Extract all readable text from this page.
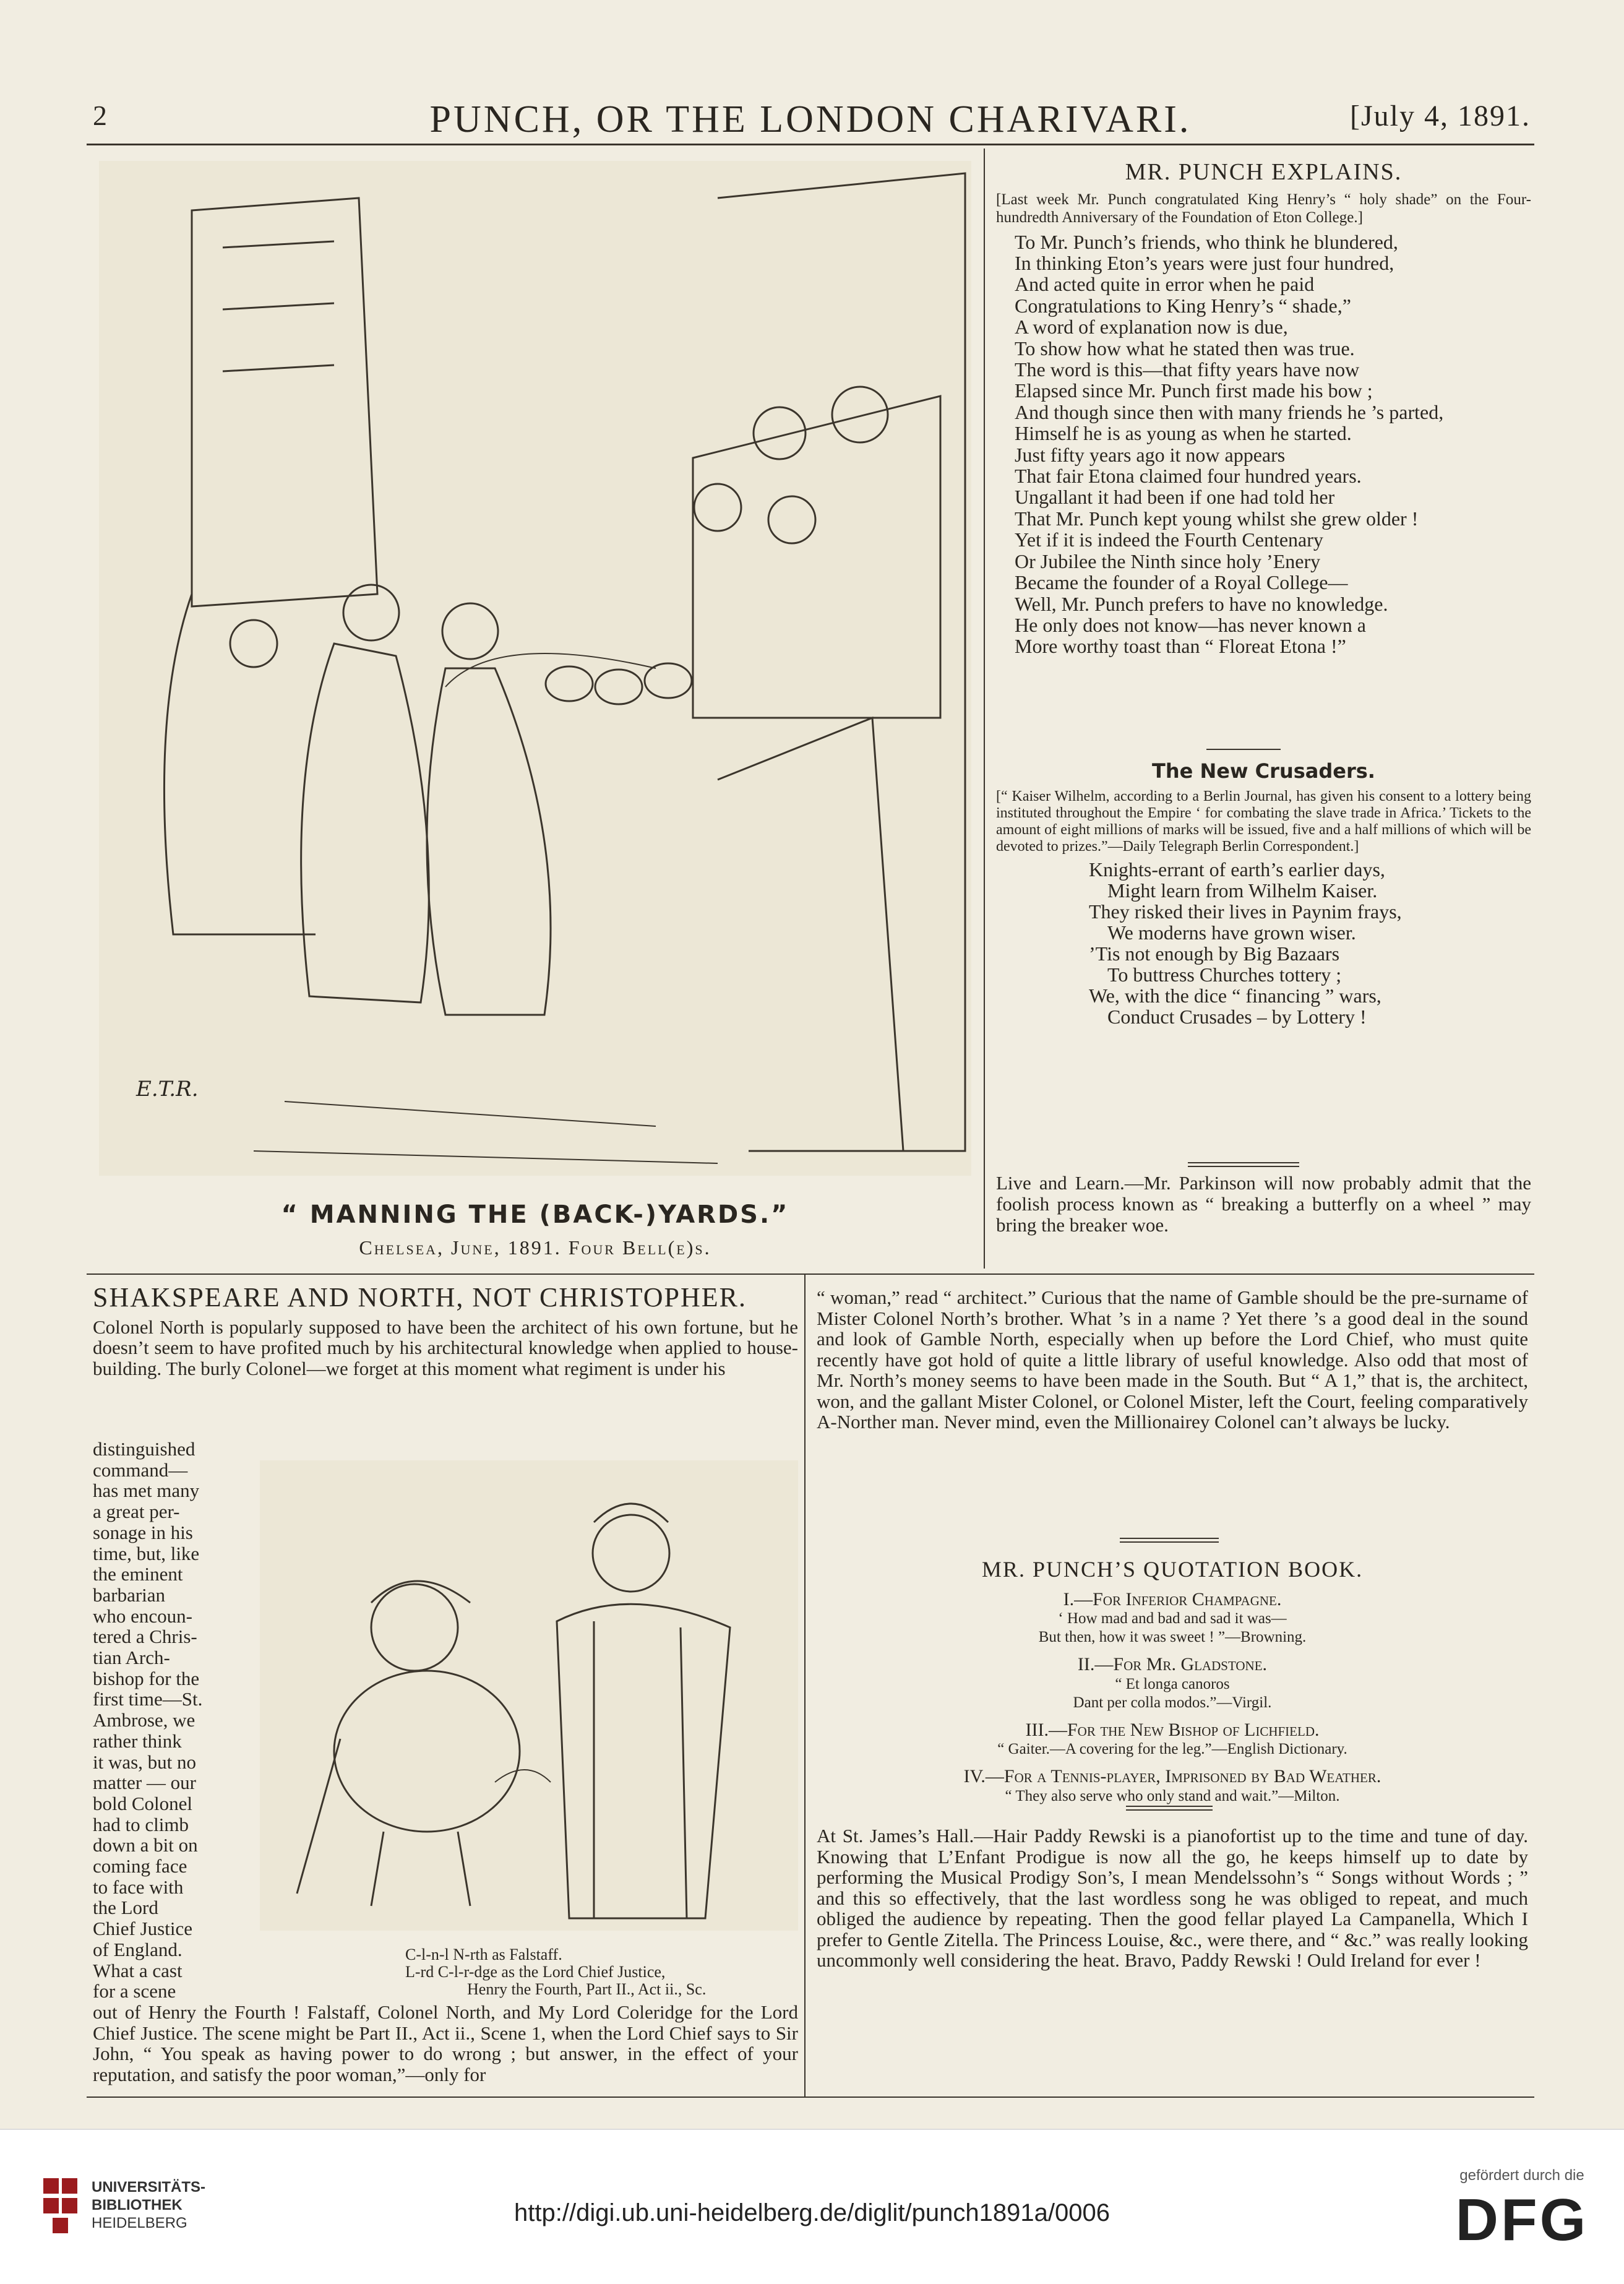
2	PUNCH, OR THE LONDON CHARIVARI.	[July 4, 1891.
E.T.R.
“ MANNING THE (BACK-)YARDS.”
Chelsea, June, 1891. Four Bell(e)s.
MR. PUNCH EXPLAINS.
[Last week Mr. Punch congratulated King Henry’s “ holy shade” on the Four-hundredth Anniversary of the Foundation of Eton College.]
To Mr. Punch’s friends, who think he blundered,
In thinking Eton’s years were just four hundred,
And acted quite in error when he paid
Congratulations to King Henry’s “ shade,”
A word of explanation now is due,
To show how what he stated then was true.
The word is this—that fifty years have now
Elapsed since Mr. Punch first made his bow ;
And though since then with many friends he ’s parted,
Himself he is as young as when he started.
Just fifty years ago it now appears
That fair Etona claimed four hundred years.
Ungallant it had been if one had told her
That Mr. Punch kept young whilst she grew older !
Yet if it is indeed the Fourth Centenary
Or Jubilee the Ninth since holy ’Enery
Became the founder of a Royal College—
Well, Mr. Punch prefers to have no knowledge.
He only does not know—has never known a
More worthy toast than “ Floreat Etona !”
The New Crusaders.
[“ Kaiser Wilhelm, according to a Berlin Journal, has given his consent to a lottery being instituted throughout the Empire ‘ for combating the slave trade in Africa.’ Tickets to the amount of eight millions of marks will be issued, five and a half millions of which will be devoted to prizes.”—Daily Telegraph Berlin Correspondent.]
Knights-errant of earth’s earlier days,
Might learn from Wilhelm Kaiser.
They risked their lives in Paynim frays,
We moderns have grown wiser.
’Tis not enough by Big Bazaars
To buttress Churches tottery ;
We, with the dice “ financing ” wars,
Conduct Crusades – by Lottery !
Live and Learn.—Mr. Parkinson will now probably admit that the foolish process known as “ breaking a butterfly on a wheel ” may bring the breaker woe.
SHAKSPEARE AND NORTH, NOT CHRISTOPHER.
Colonel North is popularly supposed to have been the architect of his own fortune, but he doesn’t seem to have profited much by his architectural knowledge when applied to house-building. The burly Colonel—we forget at this moment what regiment is under his
distinguished
command—
has met many
a great per-
sonage in his
time, but, like
the eminent
barbarian
who encoun-
tered a Chris-
tian Arch-
bishop for the
first time—St.
Ambrose, we
rather think
it was, but no
matter — our
bold Colonel
had to climb
down a bit on
coming face
to face with
the Lord
Chief Justice
of England.
What a cast
for a scene
C-l-n-l N-rth as Falstaff.
L-rd C-l-r-dge as the Lord Chief Justice,
Henry the Fourth, Part II., Act ii., Sc.
out of Henry the Fourth ! Falstaff, Colonel North, and My Lord Coleridge for the Lord Chief Justice. The scene might be Part II., Act ii., Scene 1, when the Lord Chief says to Sir John, “ You speak as having power to do wrong ; but answer, in the effect of your reputation, and satisfy the poor woman,”—only for
“ woman,” read “ architect.” Curious that the name of Gamble should be the pre-surname of Mister Colonel North’s brother. What ’s in a name ? Yet there ’s a good deal in the sound and look of Gamble North, especially when up before the Lord Chief, who must quite recently have got hold of quite a little library of useful knowledge. Also odd that most of Mr. North’s money seems to have been made in the South. But “ A 1,” that is, the architect, won, and the gallant Mister Colonel, or Colonel Mister, left the Court, feeling comparatively A-Norther man. Never mind, even the Millionairey Colonel can’t always be lucky.
MR. PUNCH’S QUOTATION BOOK.
I.—For Inferior Champagne.
‘ How mad and bad and sad it was—
But then, how it was sweet ! ”—Browning.
II.—For Mr. Gladstone.
“ Et longa canoros
Dant per colla modos.”—Virgil.
III.—For the New Bishop of Lichfield.
“ Gaiter.—A covering for the leg.”—English Dictionary.
IV.—For a Tennis-player, Imprisoned by Bad Weather.
“ They also serve who only stand and wait.”—Milton.
At St. James’s Hall.—Hair Paddy Rewski is a pianofortist up to the time and tune of day. Knowing that L’Enfant Prodigue is now all the go, he keeps himself up to date by performing the Musical Prodigy Son’s, I mean Mendelssohn’s “ Songs without Words ; ” and this so effectively, that the last wordless song he was obliged to repeat, and much obliged the audience by repeating. Then the good fellar played La Campanella, Which I prefer to Gentle Zitella. The Princess Louise, &c., were there, and “ &c.” was really looking uncommonly well considering the heat. Bravo, Paddy Rewski ! Ould Ireland for ever !
UNIVERSITÄTS-
BIBLIOTHEK
HEIDELBERG	http://digi.ub.uni-heidelberg.de/diglit/punch1891a/0006
gefördert durch die
DFG
